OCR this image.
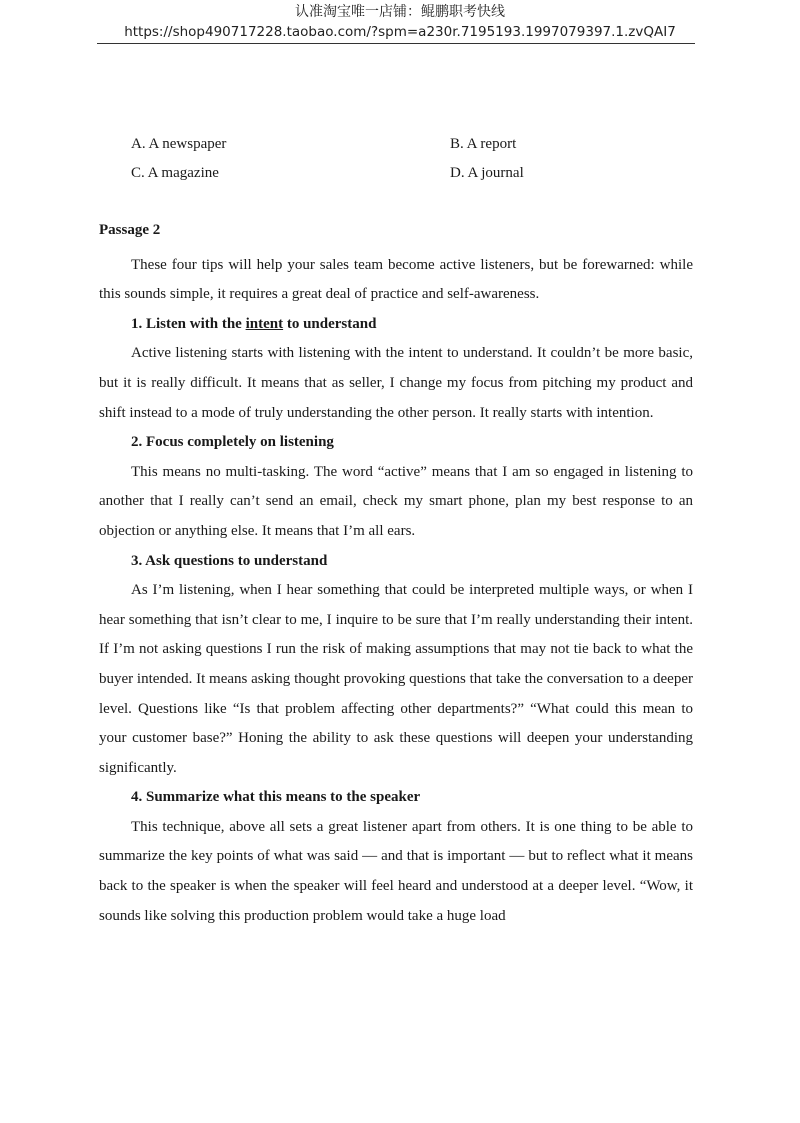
认准淘宝唯一店铺：鲲鹏职考快线
https://shop490717228.taobao.com/?spm=a230r.7195193.1997079397.1.zvQAI7
A. A newspaper	B. A report
C. A magazine	D. A journal
Passage 2

These four tips will help your sales team become active listeners, but be forewarned: while this sounds simple, it requires a great deal of practice and self-awareness.

1. Listen with the intent to understand

Active listening starts with listening with the intent to understand. It couldn’t be more basic, but it is really difficult. It means that as seller, I change my focus from pitching my product and shift instead to a mode of truly understanding the other person. It really starts with intention.

2. Focus completely on listening

This means no multi-tasking. The word “active” means that I am so engaged in listening to another that I really can’t send an email, check my smart phone, plan my best response to an objection or anything else. It means that I’m all ears.

3. Ask questions to understand

As I’m listening, when I hear something that could be interpreted multiple ways, or when I hear something that isn’t clear to me, I inquire to be sure that I’m really understanding their intent. If I’m not asking questions I run the risk of making assumptions that may not tie back to what the buyer intended. It means asking thought provoking questions that take the conversation to a deeper level. Questions like “Is that problem affecting other departments?” “What could this mean to your customer base?” Honing the ability to ask these questions will deepen your understanding significantly.

4. Summarize what this means to the speaker

This technique, above all sets a great listener apart from others. It is one thing to be able to summarize the key points of what was said — and that is important — but to reflect what it means back to the speaker is when the speaker will feel heard and understood at a deeper level. “Wow, it sounds like solving this production problem would take a huge load
